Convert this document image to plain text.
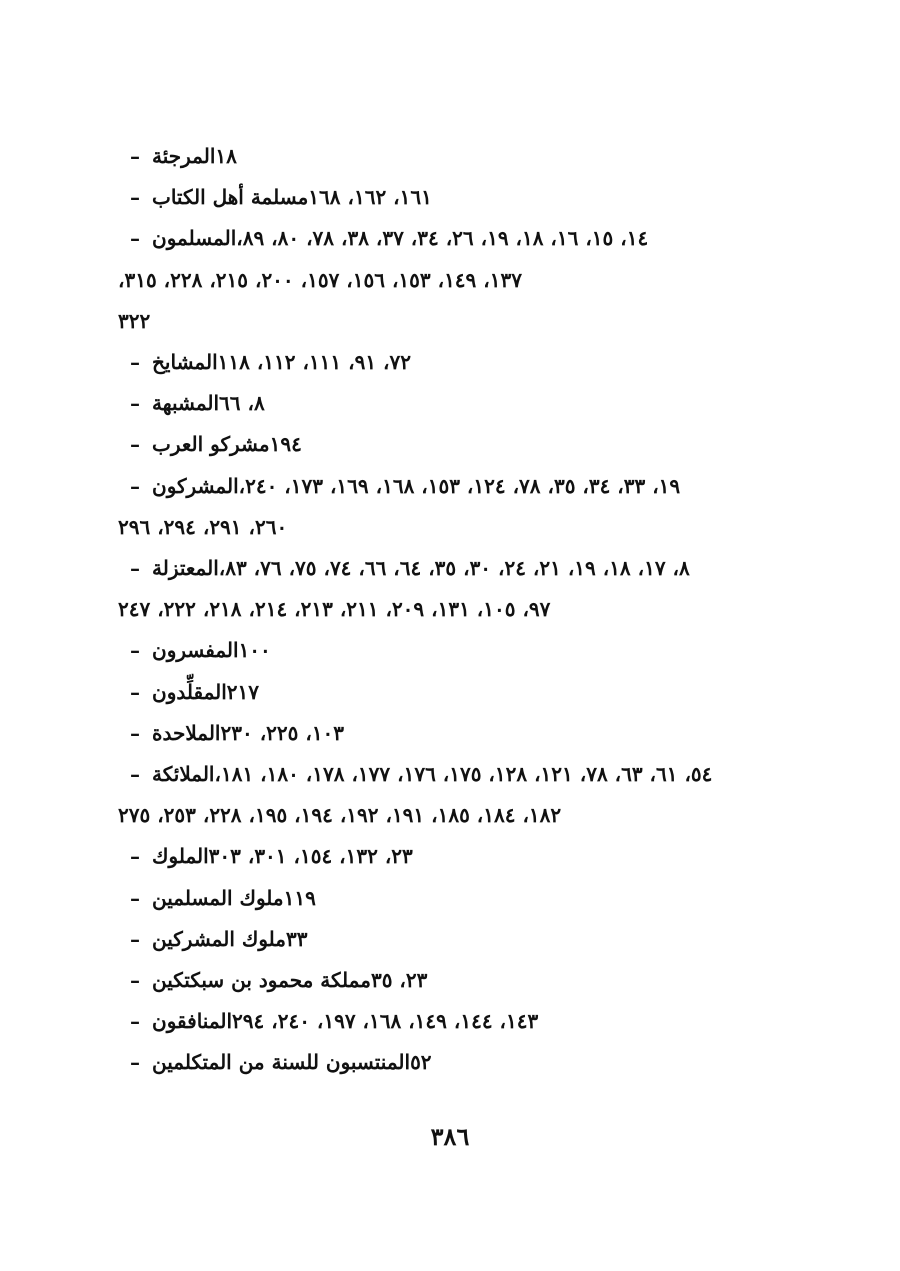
– المرجئة ١٨
– مسلمة أهل الكتاب ١٦١، ١٦٢، ١٦٨
– المسلمون ١٤، ١٥، ١٦، ١٨، ١٩، ٢٦، ٣٤، ٣٧، ٣٨، ٧٨، ٨٠، ٨٩،
١٣٧، ١٤٩، ١٥٣، ١٥٦، ١٥٧، ٢٠٠، ٢١٥، ٢٢٨، ٣١٥،
٣٢٢
– المشايخ ٧٢، ٩١، ١١١، ١١٢، ١١٨
– المشبهة ٨، ٦٦
– مشركو العرب ١٩٤
– المشركون ١٩، ٣٣، ٣٤، ٣٥، ٧٨، ١٢٤، ١٥٣، ١٦٨، ١٦٩، ١٧٣، ٢٤٠،
٢٦٠، ٢٩١، ٢٩٤، ٢٩٦
– المعتزلة ٨، ١٧، ١٨، ١٩، ٢١، ٢٤، ٣٠، ٣٥، ٦٤، ٦٦، ٧٤، ٧٥، ٧٦، ٨٣،
٩٧، ١٠٥، ١٣١، ٢٠٩، ٢١١، ٢١٣، ٢١٤، ٢١٨، ٢٢٢، ٢٤٧
– المفسرون ١٠٠
– المقلِّدون ٢١٧
– الملاحدة ١٠٣، ٢٢٥، ٢٣٠
– الملائكة ٥٤، ٦١، ٦٣، ٧٨، ١٢١، ١٢٨، ١٧٥، ١٧٦، ١٧٧، ١٧٨، ١٨٠، ١٨١،
١٨٢، ١٨٤، ١٨٥، ١٩١، ١٩٢، ١٩٤، ١٩٥، ٢٢٨، ٢٥٣، ٢٧٥
– الملوك ٢٣، ١٣٢، ١٥٤، ٣٠١، ٣٠٣
– ملوك المسلمين ١١٩
– ملوك المشركين ٣٣
– مملكة محمود بن سبكتكين ٢٣، ٣٥
– المنافقون ١٤٣، ١٤٤، ١٤٩، ١٦٨، ١٩٧، ٢٤٠، ٢٩٤
– المنتسبون للسنة من المتكلمين ٥٢
٣٨٦
